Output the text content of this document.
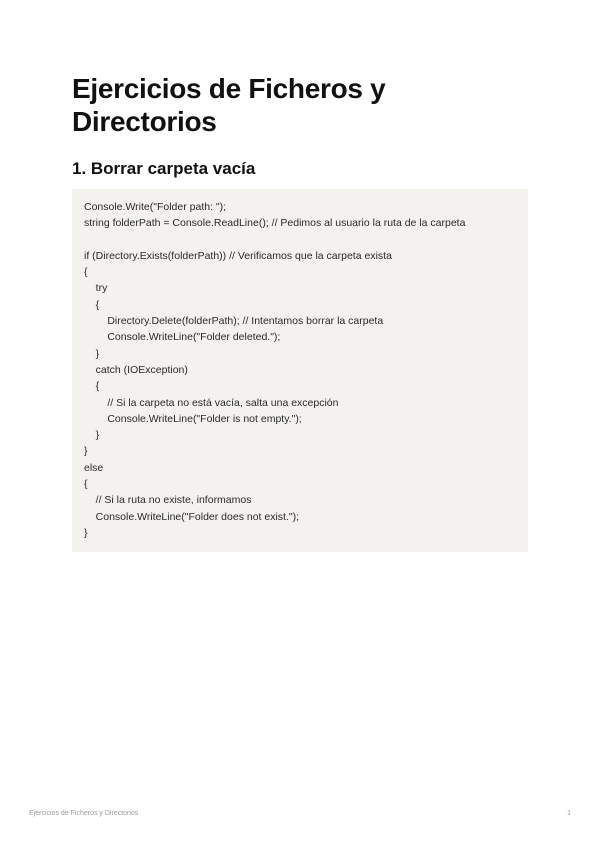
Ejercicios de Ficheros y Directorios
1. Borrar carpeta vacía
Console.Write("Folder path: ");
string folderPath = Console.ReadLine(); // Pedimos al usuario la ruta de la carpeta
if (Directory.Exists(folderPath)) // Verificamos que la carpeta exista
{
try
{
Directory.Delete(folderPath); // Intentamos borrar la carpeta
Console.WriteLine("Folder deleted.");
}
catch (IOException)
{
// Si la carpeta no está vacía, salta una excepción
Console.WriteLine("Folder is not empty.");
}
}
else
{
// Si la ruta no existe, informamos
Console.WriteLine("Folder does not exist.");
}
Ejercicios de Ficheros y Directorios	1
